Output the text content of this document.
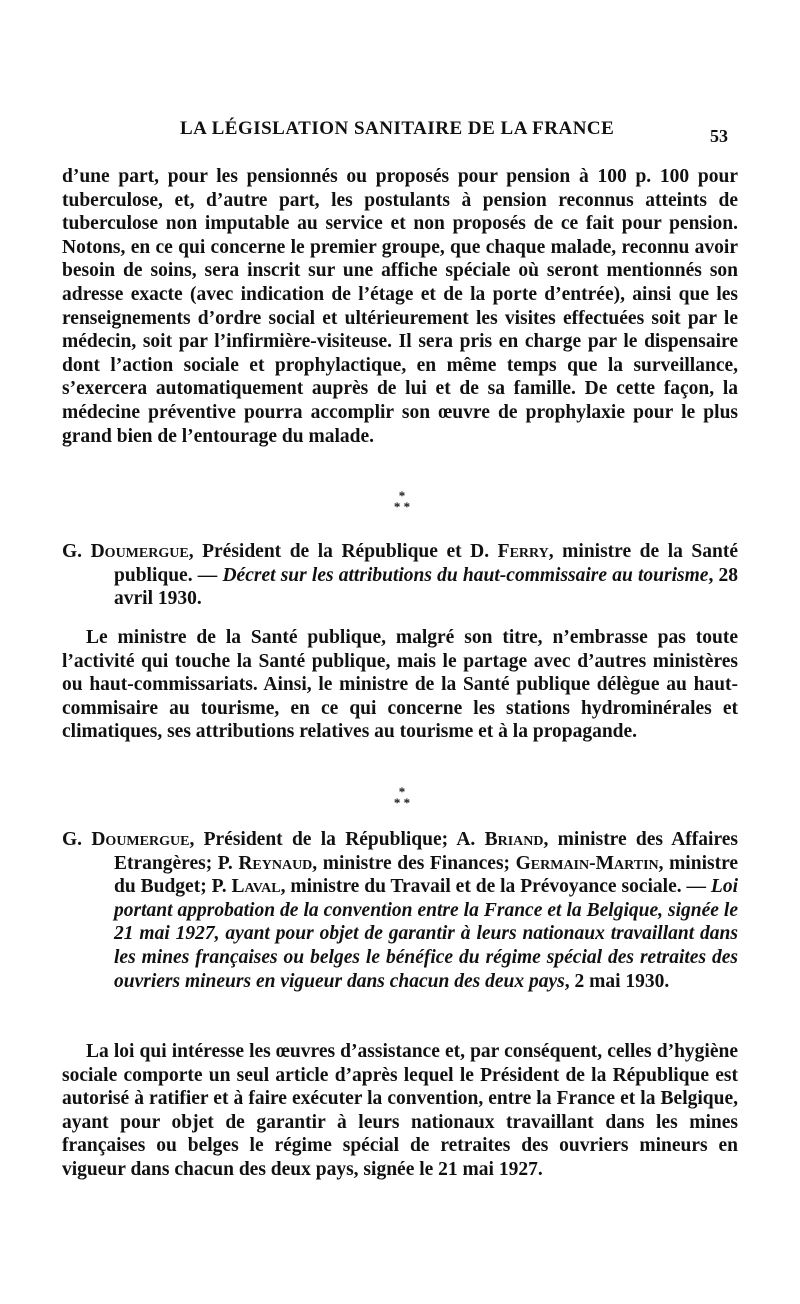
LA LÉGISLATION SANITAIRE DE LA FRANCE	53

d’une part, pour les pensionnés ou proposés pour pension à 100 p. 100 pour tuberculose, et, d’autre part, les postulants à pension reconnus atteints de tuberculose non imputable au service et non proposés de ce fait pour pension. Notons, en ce qui concerne le premier groupe, que chaque malade, reconnu avoir besoin de soins, sera inscrit sur une affiche spéciale où seront mentionnés son adresse exacte (avec indication de l’étage et de la porte d’entrée), ainsi que les renseignements d’ordre social et ultérieurement les visites effectuées soit par le médecin, soit par l’infirmière-visiteuse. Il sera pris en charge par le dispensaire dont l’action sociale et prophylactique, en même temps que la surveillance, s’exercera automatiquement auprès de lui et de sa famille. De cette façon, la médecine préventive pourra accomplir son œuvre de prophylaxie pour le plus grand bien de l’entourage du malade.

*
* *

G. Doumergue, Président de la République et D. Ferry, ministre de la Santé publique. — Décret sur les attributions du haut-commissaire au tourisme, 28 avril 1930.

Le ministre de la Santé publique, malgré son titre, n’embrasse pas toute l’activité qui touche la Santé publique, mais le partage avec d’autres ministères ou haut-commissariats. Ainsi, le ministre de la Santé publique délègue au haut-commisaire au tourisme, en ce qui concerne les stations hydrominérales et climatiques, ses attributions relatives au tourisme et à la propagande.

*
* *

G. Doumergue, Président de la République; A. Briand, ministre des Affaires Etrangères; P. Reynaud, ministre des Finances; Germain-Martin, ministre du Budget; P. Laval, ministre du Travail et de la Prévoyance sociale. — Loi portant approbation de la convention entre la France et la Belgique, signée le 21 mai 1927, ayant pour objet de garantir à leurs nationaux travaillant dans les mines françaises ou belges le bénéfice du régime spécial des retraites des ouvriers mineurs en vigueur dans chacun des deux pays, 2 mai 1930.

La loi qui intéresse les œuvres d’assistance et, par conséquent, celles d’hygiène sociale comporte un seul article d’après lequel le Président de la République est autorisé à ratifier et à faire exécuter la convention, entre la France et la Belgique, ayant pour objet de garantir à leurs nationaux travaillant dans les mines françaises ou belges le régime spécial de retraites des ouvriers mineurs en vigueur dans chacun des deux pays, signée le 21 mai 1927.
